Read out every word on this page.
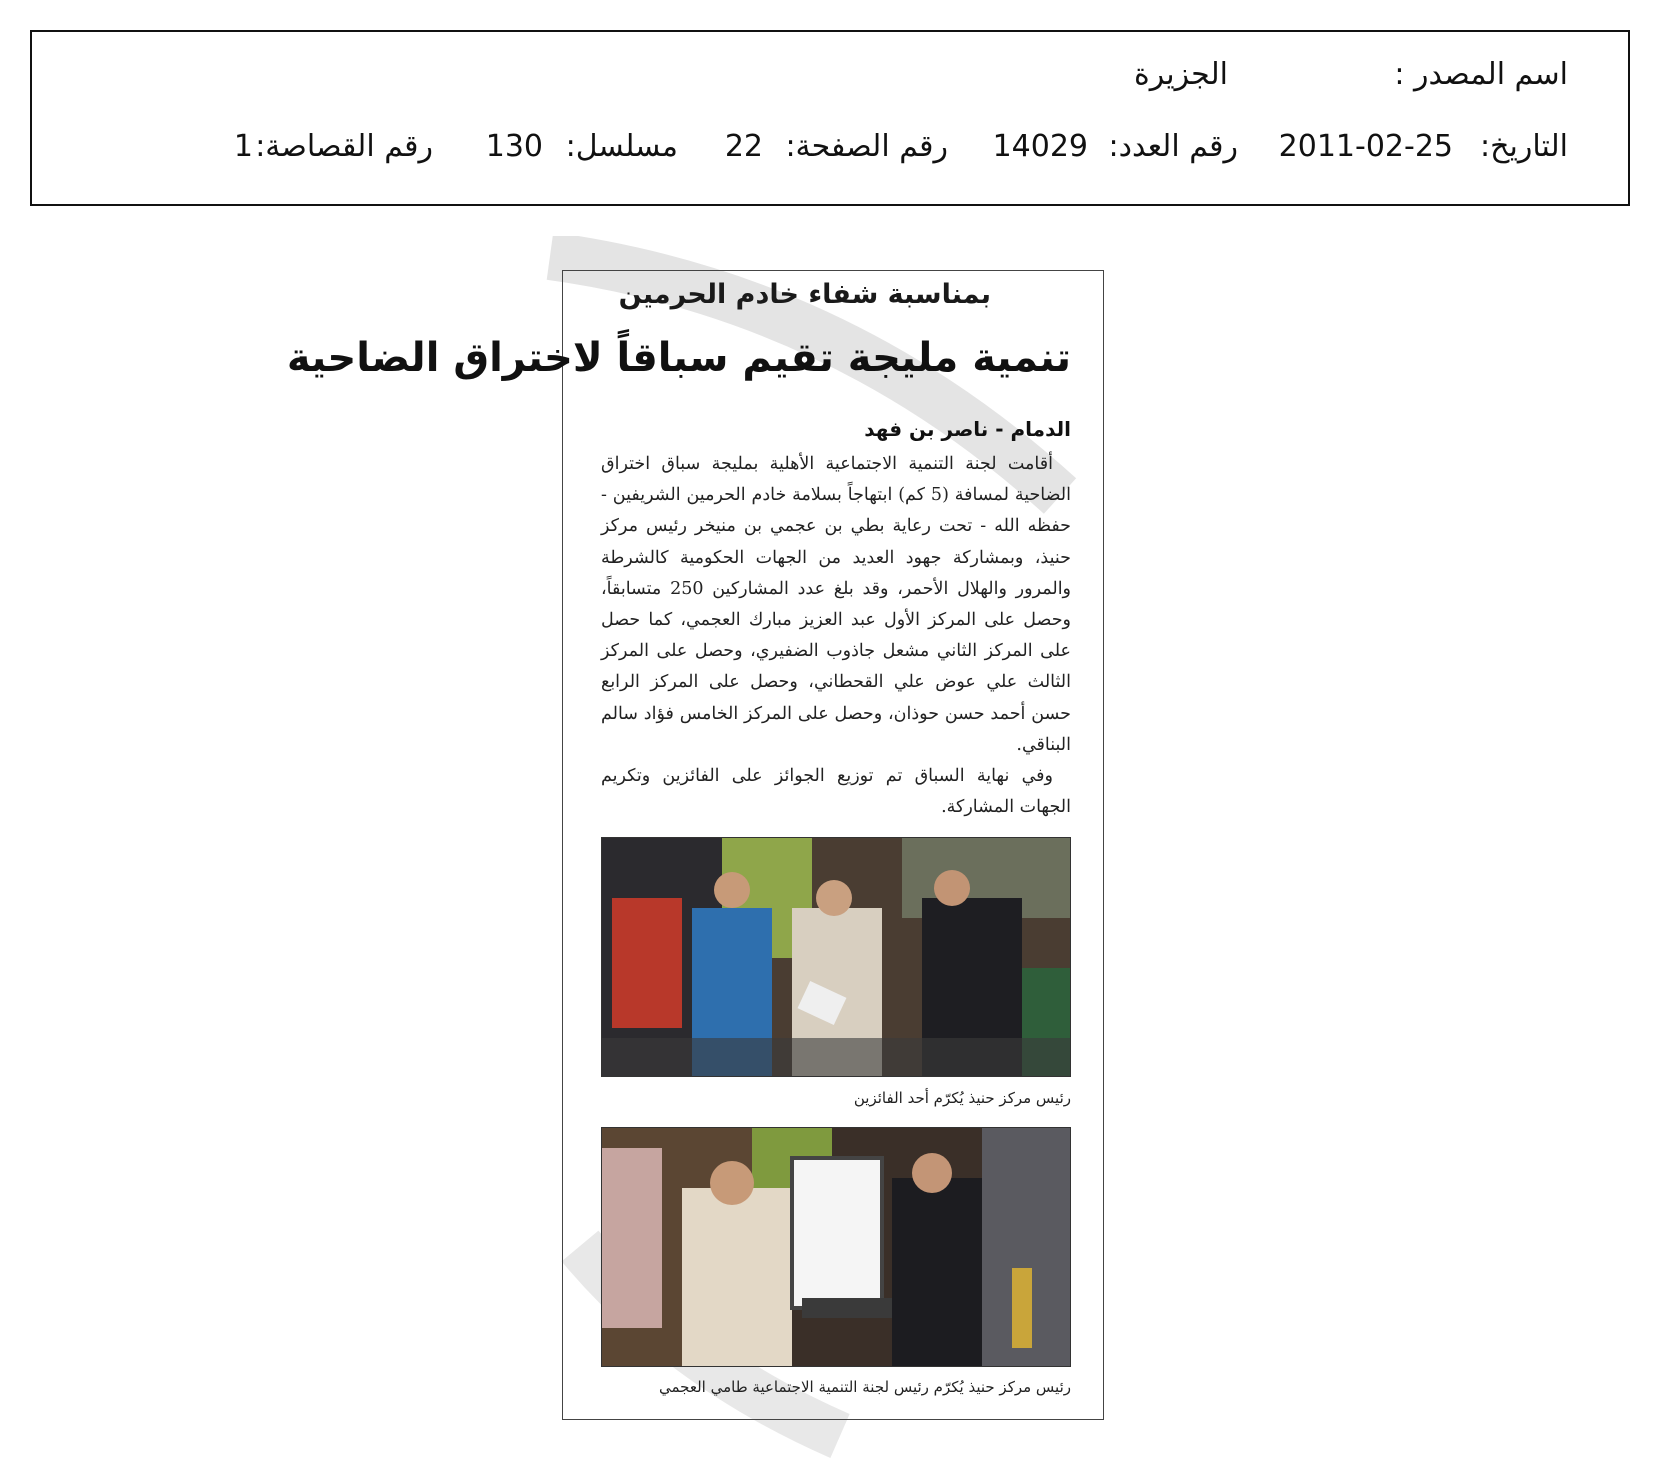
اسم المصدر :
الجزيرة
التاريخ:
2011-02-25
رقم العدد:
14029
رقم الصفحة:
22
مسلسل:
130
رقم القصاصة:
1
بمناسبة شفاء خادم الحرمين
تنمية مليجة تقيم سباقاً لاختراق الضاحية
الدمام - ناصر بن فهد

أقامت لجنة التنمية الاجتماعية الأهلية بمليجة سباق اختراق الضاحية لمسافة (5 كم) ابتهاجاً بسلامة خادم الحرمين الشريفين - حفظه الله - تحت رعاية بطي بن عجمي بن منيخر رئيس مركز حنيذ، وبمشاركة جهود العديد من الجهات الحكومية كالشرطة والمرور والهلال الأحمر، وقد بلغ عدد المشاركين 250 متسابقاً، وحصل على المركز الأول عبد العزيز مبارك العجمي، كما حصل على المركز الثاني مشعل جاذوب الضفيري، وحصل على المركز الثالث علي عوض علي القحطاني، وحصل على المركز الرابع حسن أحمد حسن حوذان، وحصل على المركز الخامس فؤاد سالم البناقي.

وفي نهاية السباق تم توزيع الجوائز على الفائزين وتكريم الجهات المشاركة.

رئيس مركز حنيذ يُكرّم أحد الفائزين
رئيس مركز حنيذ يُكرّم رئيس لجنة التنمية الاجتماعية طامي العجمي
